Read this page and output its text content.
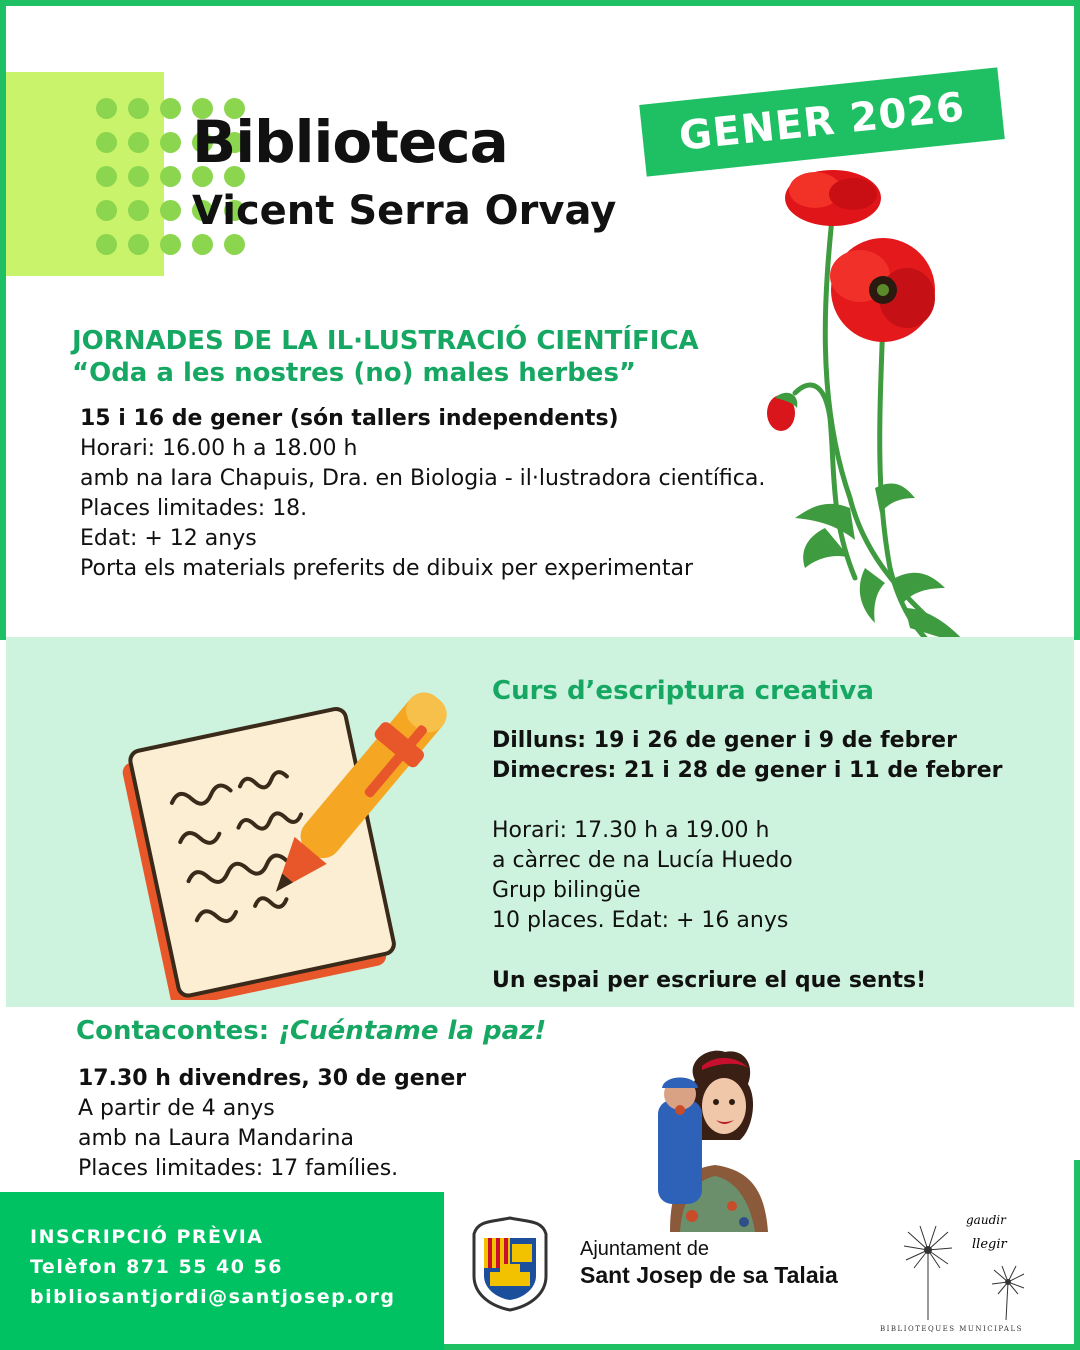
Biblioteca
Vicent Serra Orvay
GENER 2026
JORNADES DE LA IL·LUSTRACIÓ CIENTÍFICA
“Oda a les nostres (no) males herbes”
15 i 16 de gener (són tallers independents)
Horari: 16.00 h a 18.00 h
amb na Iara Chapuis, Dra. en Biologia - il·lustradora científica.
Places limitades: 18.
Edat: + 12 anys
Porta els materials preferits de dibuix per experimentar
Curs d’escriptura creativa
Dilluns: 19 i 26 de gener i 9 de febrer
Dimecres: 21 i 28 de gener i 11 de febrer
Horari: 17.30 h a 19.00 h
a càrrec de na Lucía Huedo
Grup bilingüe
10 places. Edat: + 16 anys
Un espai per escriure el que sents!
Contacontes: ¡Cuéntame la paz!
17.30 h divendres, 30 de gener
A partir de 4 anys
amb na Laura Mandarina
Places limitades: 17 famílies.
INSCRIPCIÓ PRÈVIA
Telèfon 871 55 40 56
bibliosantjordi@santjosep.org
Ajuntament de
Sant Josep de sa Talaia
gaudir
llegir
BIBLIOTEQUES MUNICIPALS
